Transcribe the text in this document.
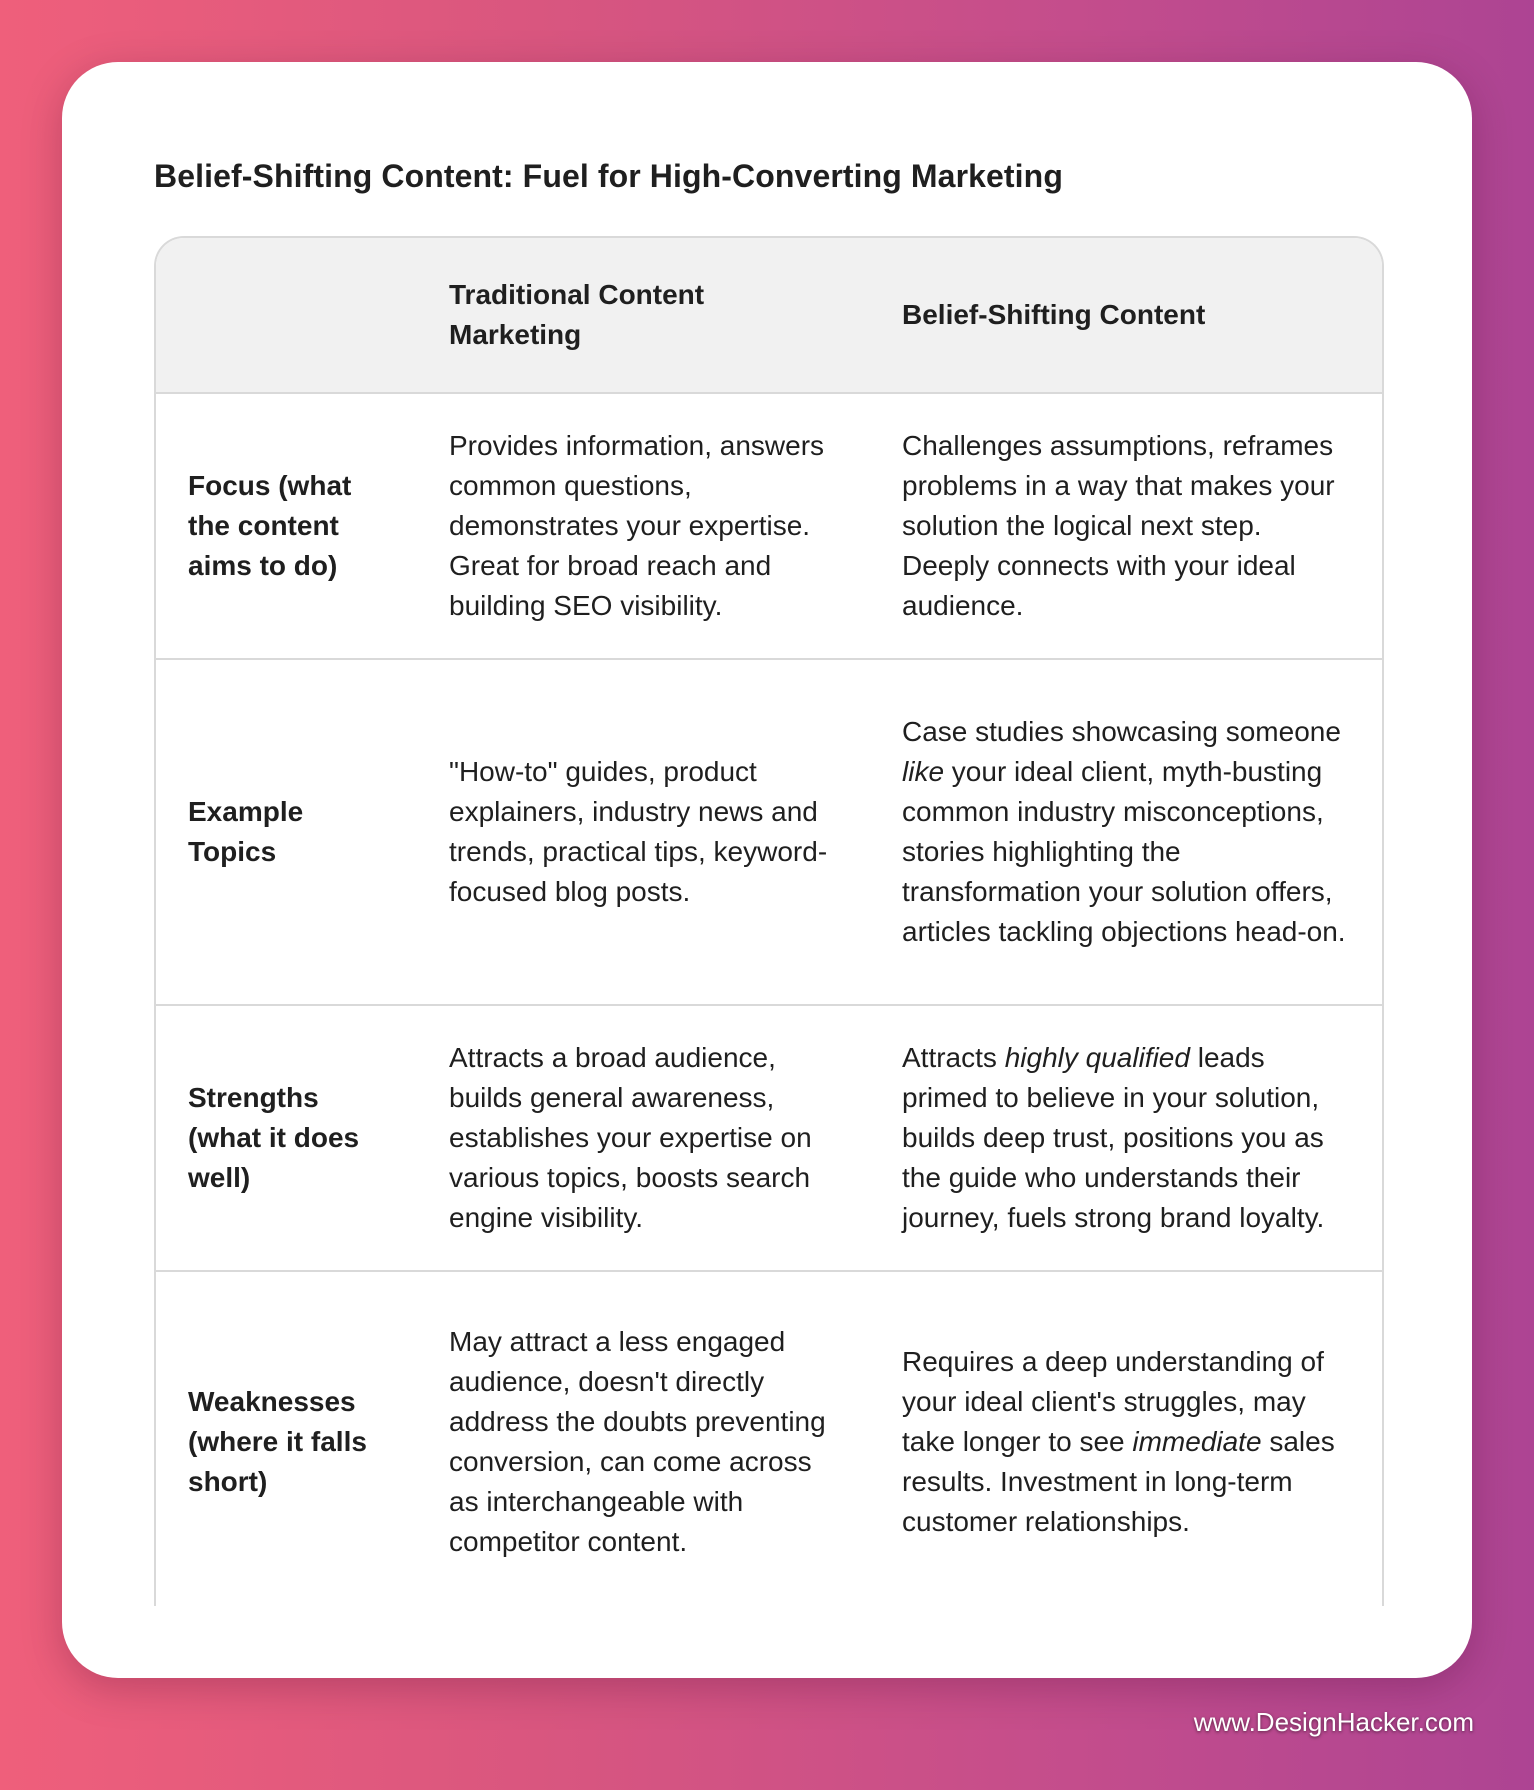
Belief-Shifting Content: Fuel for High-Converting Marketing
	Traditional Content Marketing	Belief-Shifting Content
Focus (what the content aims to do)	Provides information, answers common questions, demonstrates your expertise. Great for broad reach and building SEO visibility.	Challenges assumptions, reframes problems in a way that makes your solution the logical next step. Deeply connects with your ideal audience.
Example Topics	"How-to" guides, product explainers, industry news and trends, practical tips, keyword-focused blog posts.	Case studies showcasing someone like your ideal client, myth-busting common industry misconceptions, stories highlighting the transformation your solution offers, articles tackling objections head-on.
Strengths (what it does well)	Attracts a broad audience, builds general awareness, establishes your expertise on various topics, boosts search engine visibility.	Attracts highly qualified leads primed to believe in your solution, builds deep trust, positions you as the guide who understands their journey, fuels strong brand loyalty.
Weaknesses (where it falls short)	May attract a less engaged audience, doesn't directly address the doubts preventing conversion, can come across as interchangeable with competitor content.	Requires a deep understanding of your ideal client's struggles, may take longer to see immediate sales results. Investment in long-term customer relationships.
www.DesignHacker.com
